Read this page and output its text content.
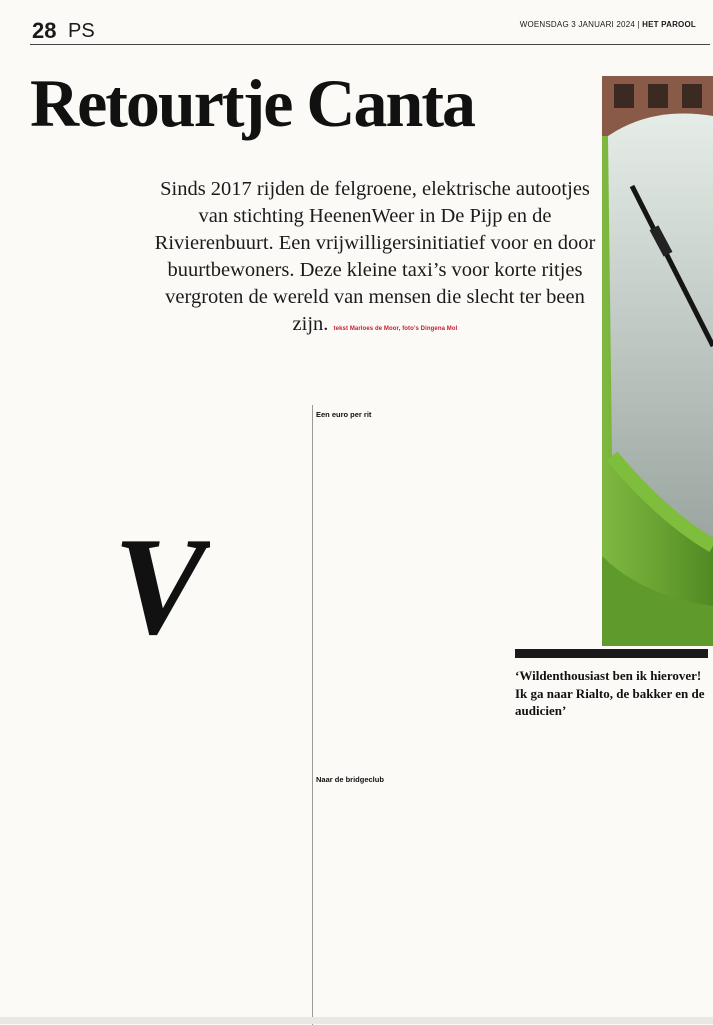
28 PS	WOENSDAG 3 JANUARI 2024 | HET PAROOL
Retourtje Canta

Sinds 2017 rijden de felgroene, elektrische autootjes van stichting HeenenWeer in De Pijp en de Rivierenbuurt. Een vrijwilligersinitiatief voor en door buurtbewoners. Deze kleine taxi’s voor korte ritjes vergroten de wereld van mensen die slecht ter been zijn. tekst Marloes de Moor, foto’s Dingena Mol

Een euro per rit
Naar de bridgeclub
V

‘Wildenthousiast ben ik hierover! Ik ga naar Rialto, de bakker en de audicien’
